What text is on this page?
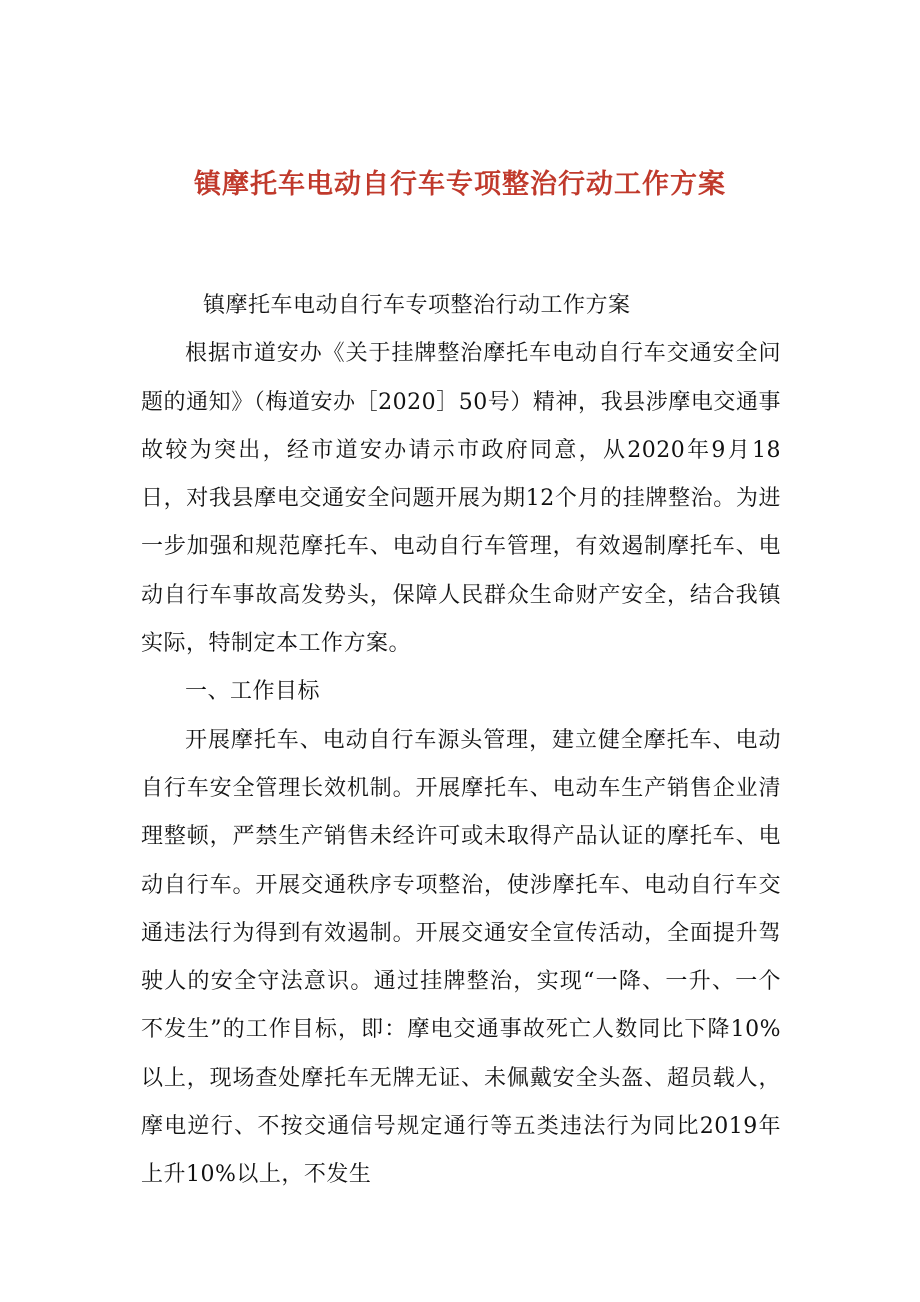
镇摩托车电动自行车专项整治行动工作方案

镇摩托车电动自行车专项整治行动工作方案

根据市道安办《关于挂牌整治摩托车电动自行车交通安全问题的通知》（梅道安办［2020］50号）精神，我县涉摩电交通事故较为突出，经市道安办请示市政府同意，从2020年9月18日，对我县摩电交通安全问题开展为期12个月的挂牌整治。为进一步加强和规范摩托车、电动自行车管理，有效遏制摩托车、电动自行车事故高发势头，保障人民群众生命财产安全，结合我镇实际，特制定本工作方案。

一、工作目标

开展摩托车、电动自行车源头管理，建立健全摩托车、电动自行车安全管理长效机制。开展摩托车、电动车生产销售企业清理整顿，严禁生产销售未经许可或未取得产品认证的摩托车、电动自行车。开展交通秩序专项整治，使涉摩托车、电动自行车交通违法行为得到有效遏制。开展交通安全宣传活动，全面提升驾驶人的安全守法意识。通过挂牌整治，实现“一降、一升、一个不发生”的工作目标，即：摩电交通事故死亡人数同比下降10%以上，现场查处摩托车无牌无证、未佩戴安全头盔、超员载人，摩电逆行、不按交通信号规定通行等五类违法行为同比2019年上升10%以上，不发生
